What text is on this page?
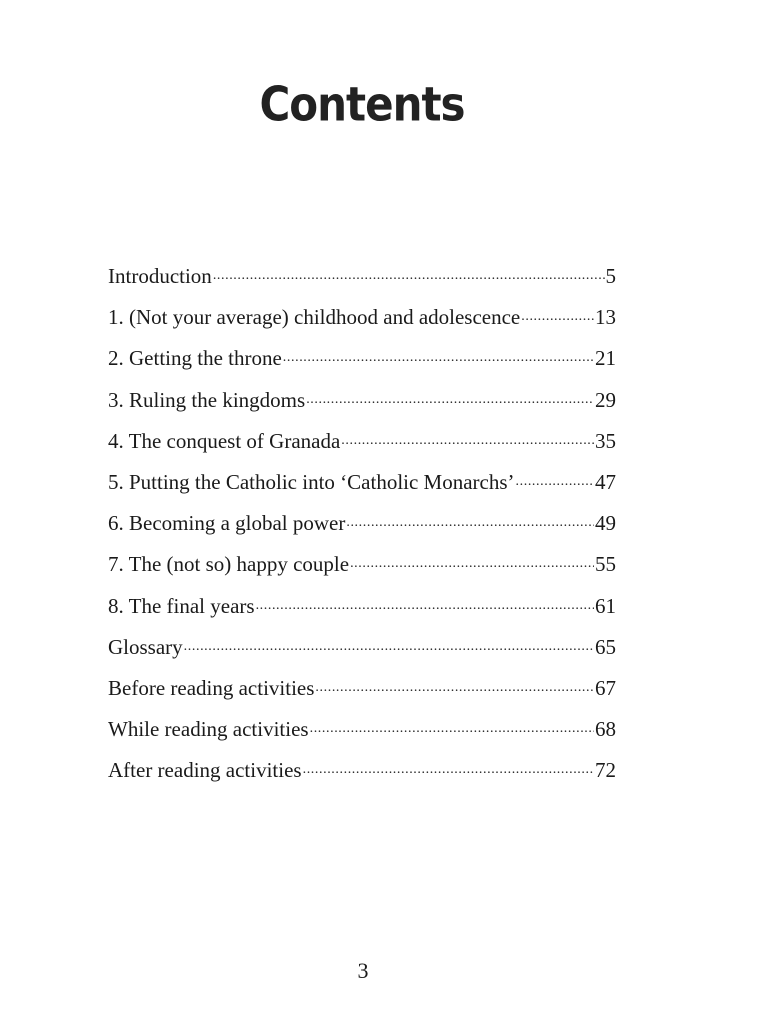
Contents
Introduction .....	5
1. (Not your average) childhood and adolescence .....	13
2. Getting the throne .....	21
3. Ruling the kingdoms .....	29
4. The conquest of Granada .....	35
5. Putting the Catholic into ‘Catholic Monarchs’ .....	47
6. Becoming a global power .....	49
7. The (not so) happy couple .....	55
8. The final years .....	61
Glossary .....	65
Before reading activities .....	67
While reading activities .....	68
After reading activities .....	72
3
